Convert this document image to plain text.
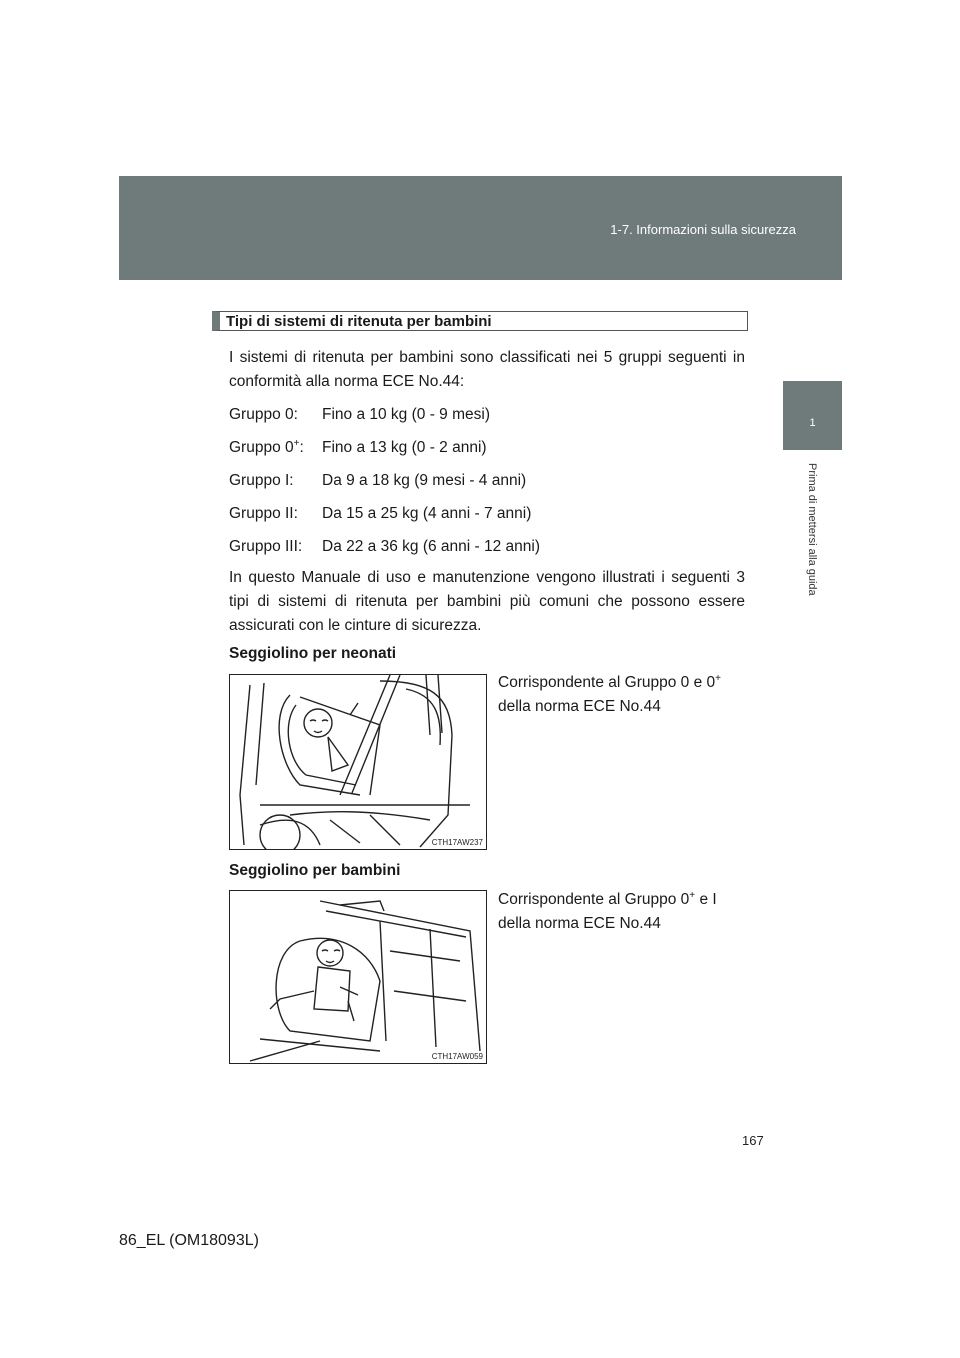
1-7. Informazioni sulla sicurezza
1
Prima di mettersi alla guida
Tipi di sistemi di ritenuta per bambini
I sistemi di ritenuta per bambini sono classificati nei 5 gruppi seguenti in conformità alla norma ECE No.44:
Gruppo 0: Fino a 10 kg (0 - 9 mesi)
Gruppo 0+: Fino a 13 kg (0 - 2 anni)
Gruppo I: Da 9 a 18 kg (9 mesi - 4 anni)
Gruppo II: Da 15 a 25 kg (4 anni - 7 anni)
Gruppo III: Da 22 a 36 kg (6 anni - 12 anni)
In questo Manuale di uso e manutenzione vengono illustrati i seguenti 3 tipi di sistemi di ritenuta per bambini più comuni che possono essere assicurati con le cinture di sicurezza.
Seggiolino per neonati
Corrispondente al Gruppo 0 e 0+
della norma ECE No.44
CTH17AW237
Seggiolino per bambini
Corrispondente al Gruppo 0+ e I
della norma ECE No.44
CTH17AW059
167
86_EL (OM18093L)
